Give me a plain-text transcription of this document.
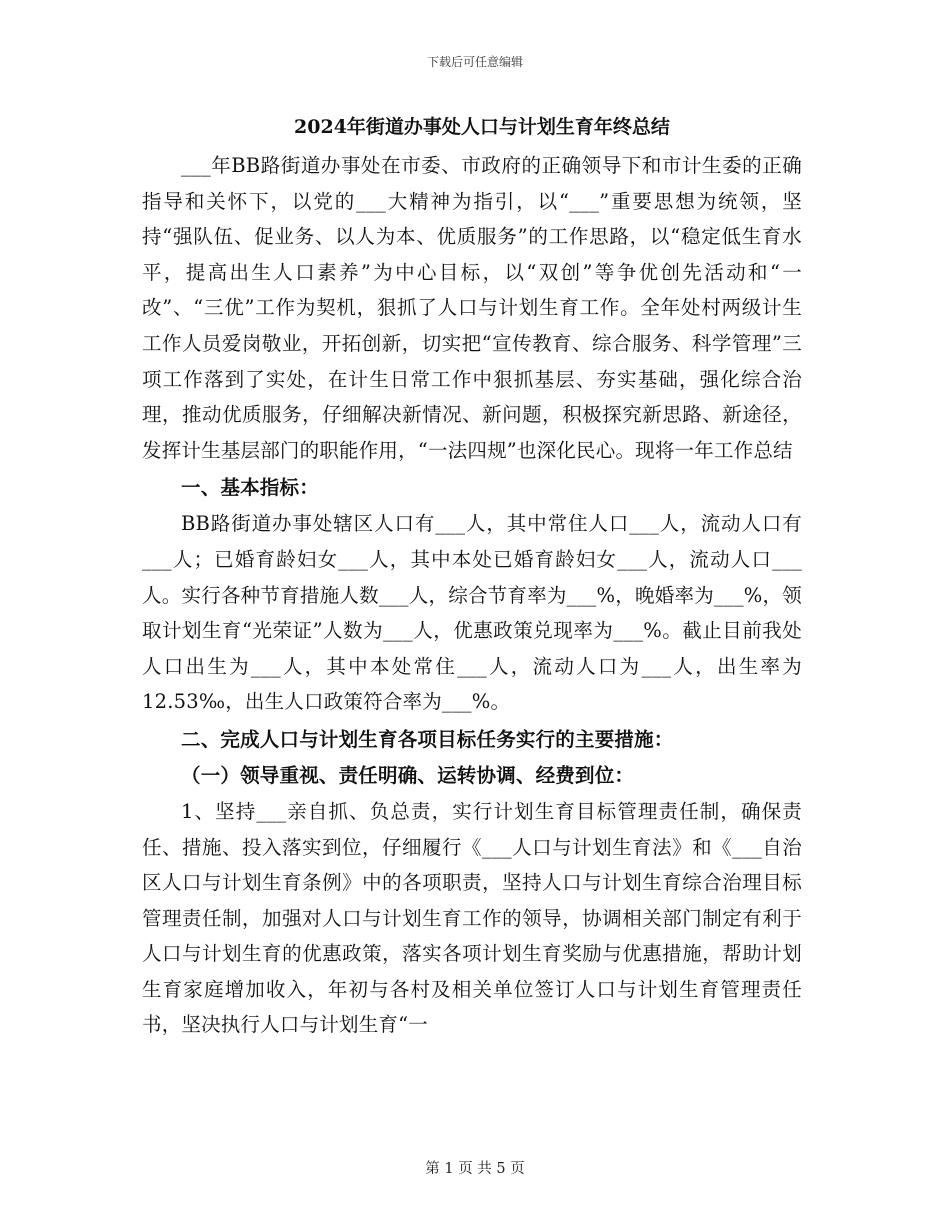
下载后可任意编辑
2024年街道办事处人口与计划生育年终总结

___年BB路街道办事处在市委、市政府的正确领导下和市计生委的正确指导和关怀下，以党的___大精神为指引，以“___”重要思想为统领，坚持“强队伍、促业务、以人为本、优质服务”的工作思路，以“稳定低生育水平，提高出生人口素养”为中心目标，以“双创”等争优创先活动和“一改”、“三优”工作为契机，狠抓了人口与计划生育工作。全年处村两级计生工作人员爱岗敬业，开拓创新，切实把“宣传教育、综合服务、科学管理”三项工作落到了实处，在计生日常工作中狠抓基层、夯实基础，强化综合治理，推动优质服务，仔细解决新情况、新问题，积极探究新思路、新途径，发挥计生基层部门的职能作用，“一法四规”也深化民心。现将一年工作总结

一、基本指标：

BB路街道办事处辖区人口有___人，其中常住人口___人，流动人口有___人；已婚育龄妇女___人，其中本处已婚育龄妇女___人，流动人口___人。实行各种节育措施人数___人，综合节育率为___%，晚婚率为___%，领取计划生育“光荣证”人数为___人，优惠政策兑现率为___%。截止目前我处人口出生为___人，其中本处常住___人，流动人口为___人，出生率为12.53‰，出生人口政策符合率为___%。

二、完成人口与计划生育各项目标任务实行的主要措施：

（一）领导重视、责任明确、运转协调、经费到位：

1、坚持___亲自抓、负总责，实行计划生育目标管理责任制，确保责任、措施、投入落实到位，仔细履行《___人口与计划生育法》和《___自治区人口与计划生育条例》中的各项职责，坚持人口与计划生育综合治理目标管理责任制，加强对人口与计划生育工作的领导，协调相关部门制定有利于人口与计划生育的优惠政策，落实各项计划生育奖励与优惠措施，帮助计划生育家庭增加收入，年初与各村及相关单位签订人口与计划生育管理责任书，坚决执行人口与计划生育“一

第 1 页 共 5 页
